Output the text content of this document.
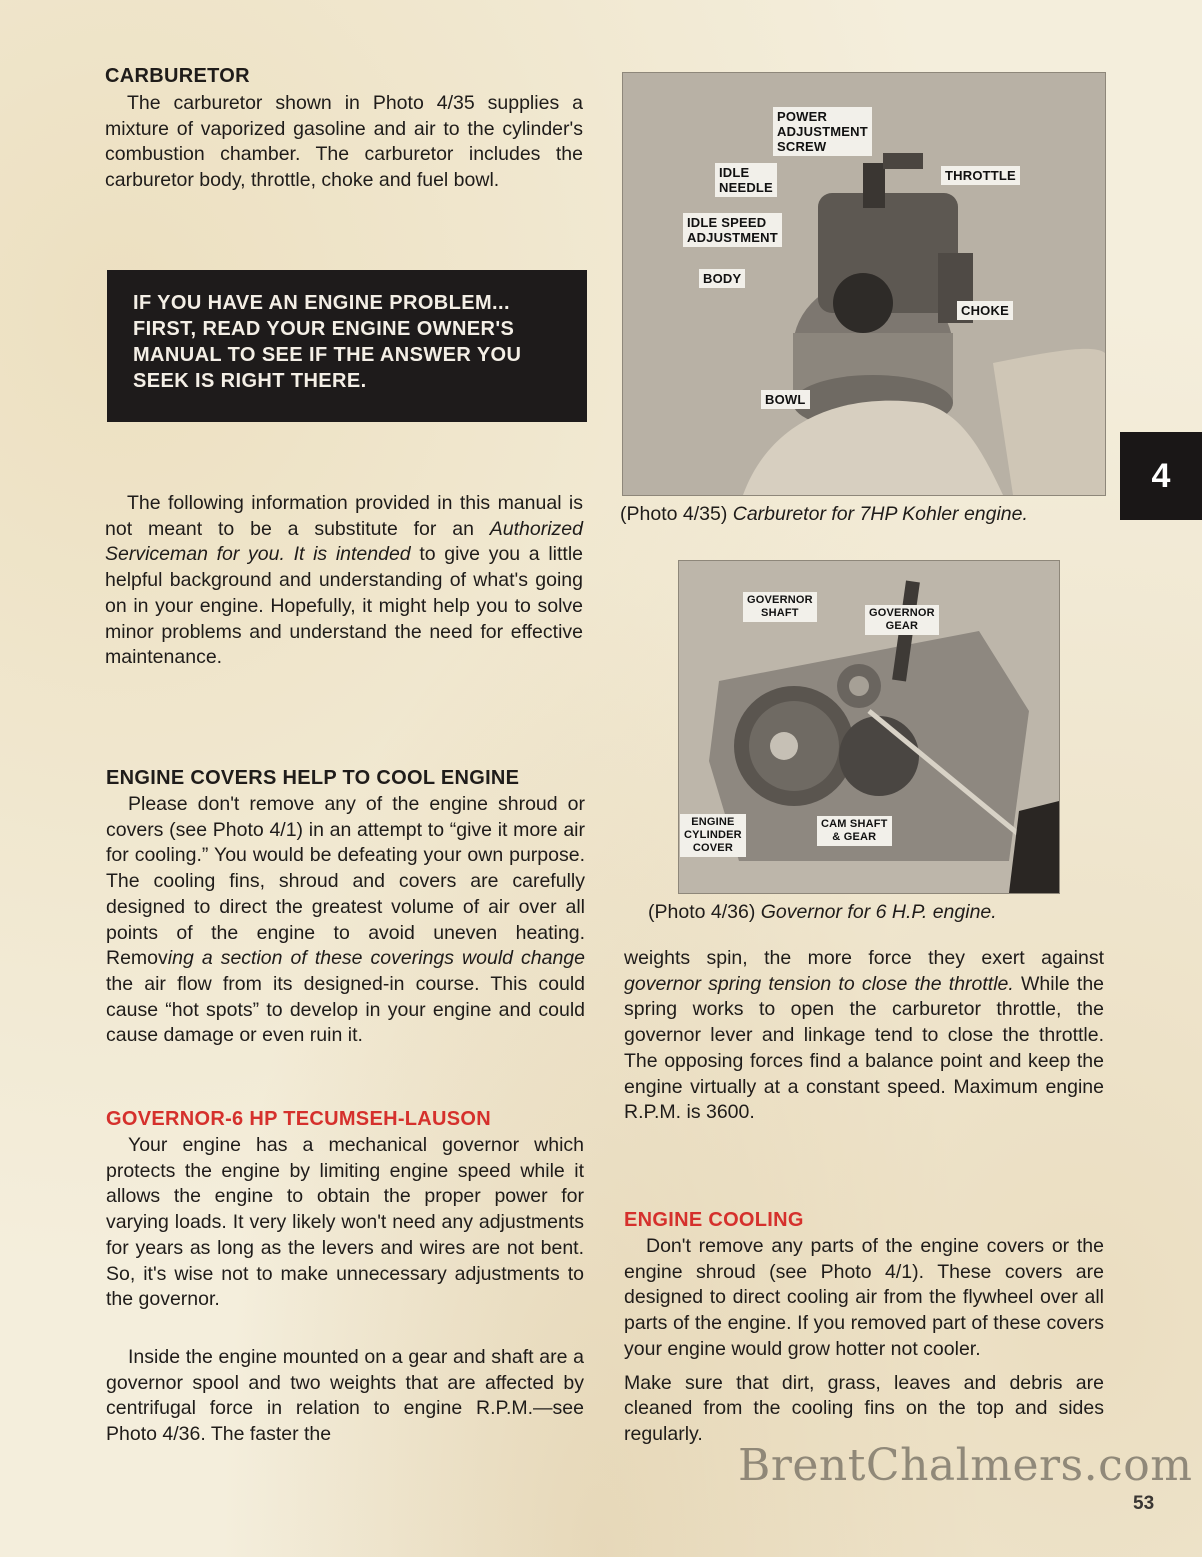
CARBURETOR

The carburetor shown in Photo 4/35 supplies a mixture of vaporized gasoline and air to the cylinder's combustion chamber. The carburetor includes the carburetor body, throttle, choke and fuel bowl.

IF YOU HAVE AN ENGINE PROBLEM... FIRST, READ YOUR ENGINE OWNER'S MANUAL TO SEE IF THE ANSWER YOU SEEK IS RIGHT THERE.

The following information provided in this manual is not meant to be a substitute for an Authorized Serviceman for you. It is intended to give you a little helpful background and understanding of what's going on in your engine. Hopefully, it might help you to solve minor problems and understand the need for effective maintenance.

ENGINE COVERS HELP TO COOL ENGINE

Please don't remove any of the engine shroud or covers (see Photo 4/1) in an attempt to “give it more air for cooling.” You would be defeating your own purpose. The cooling fins, shroud and covers are carefully designed to direct the greatest volume of air over all points of the engine to avoid uneven heating. Removing a section of these coverings would change the air flow from its designed-in course. This could cause “hot spots” to develop in your engine and could cause damage or even ruin it.

GOVERNOR-6 HP TECUMSEH-LAUSON

Your engine has a mechanical governor which protects the engine by limiting engine speed while it allows the engine to obtain the proper power for varying loads. It very likely won't need any adjustments for years as long as the levers and wires are not bent. So, it's wise not to make unnecessary adjustments to the governor.

Inside the engine mounted on a gear and shaft are a governor spool and two weights that are affected by centrifugal force in relation to engine R.P.M.—see Photo 4/36. The faster the

POWER
ADJUSTMENT
SCREW
IDLE
NEEDLE
THROTTLE
IDLE SPEED
ADJUSTMENT
BODY
CHOKE
BOWL

(Photo 4/35) Carburetor for 7HP Kohler engine.

GOVERNOR
SHAFT	GOVERNOR
GEAR
ENGINE
CYLINDER
COVER
CAM SHAFT
& GEAR

(Photo 4/36) Governor for 6 H.P. engine.

weights spin, the more force they exert against governor spring tension to close the throttle. While the spring works to open the carburetor throttle, the governor lever and linkage tend to close the throttle. The opposing forces find a balance point and keep the engine virtually at a constant speed. Maximum engine R.P.M. is 3600.

ENGINE COOLING

Don't remove any parts of the engine covers or the engine shroud (see Photo 4/1). These covers are designed to direct cooling air from the flywheel over all parts of the engine. If you removed part of these covers your engine would grow hotter not cooler.

Make sure that dirt, grass, leaves and debris are cleaned from the cooling fins on the top and sides regularly.

4
BrentChalmers.com
53
